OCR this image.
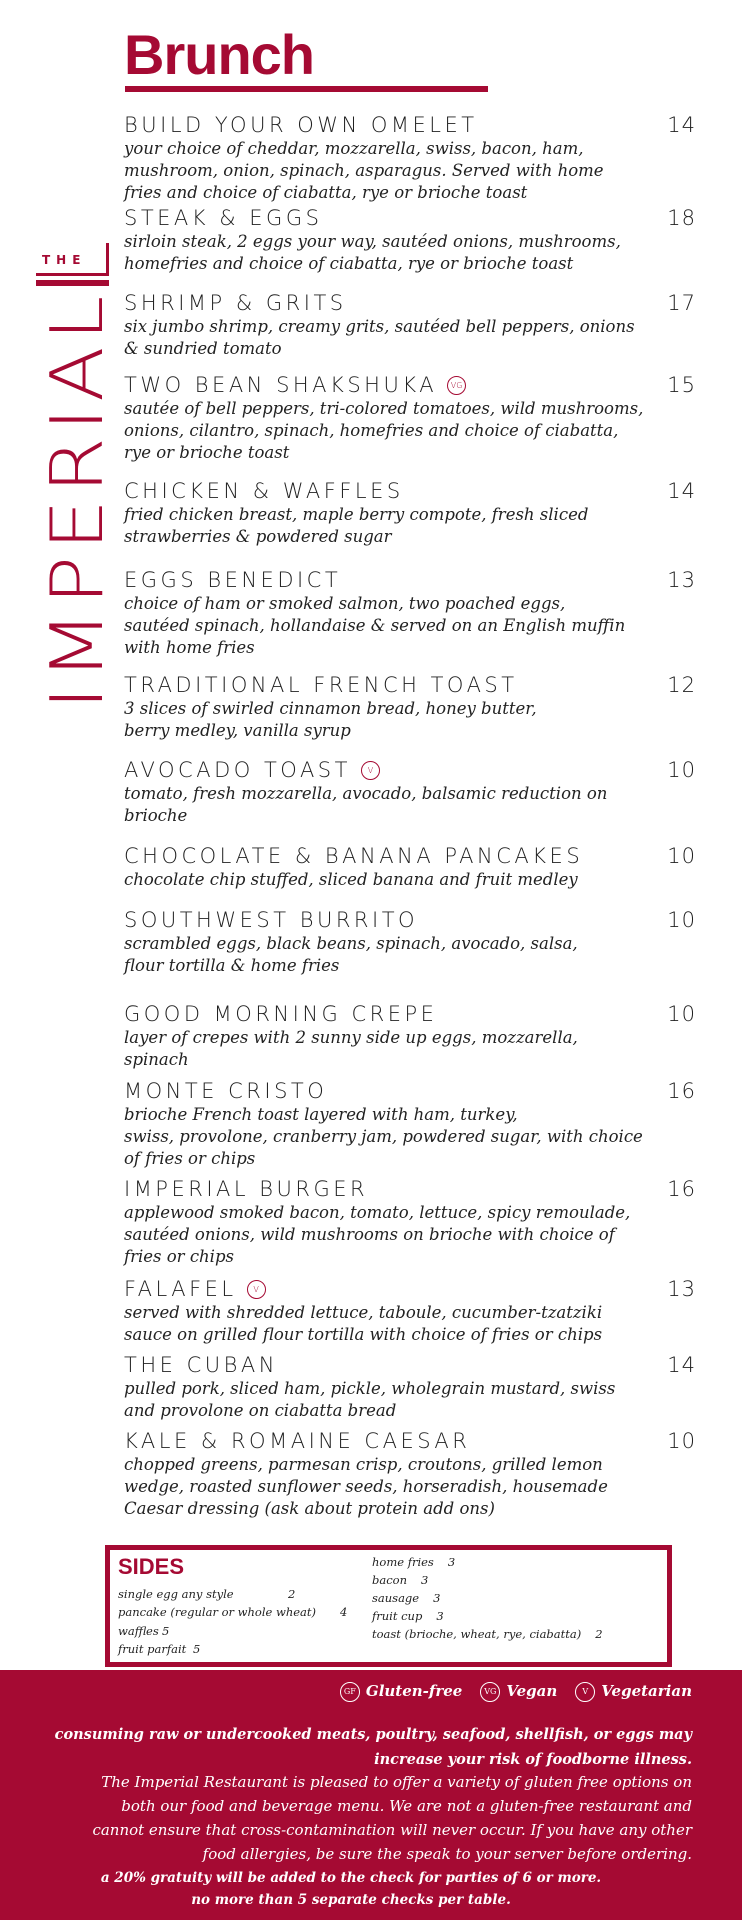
THE
IMPERIAL
Brunch
BUILD YOUR OWN OMELET	14
your choice of cheddar, mozzarella, swiss, bacon, ham,
mushroom, onion, spinach, asparagus. Served with home
fries and choice of ciabatta, rye or brioche toast
STEAK & EGGS	18
sirloin steak, 2 eggs your way, sautéed onions, mushrooms,
homefries and choice of ciabatta, rye or brioche toast
SHRIMP & GRITS	17
six jumbo shrimp, creamy grits, sautéed bell peppers, onions
& sundried tomato
TWO BEAN SHAKSHUKA	VG	15
sautée of bell peppers, tri-colored tomatoes, wild mushrooms,
onions, cilantro, spinach, homefries and choice of ciabatta,
rye or brioche toast
CHICKEN & WAFFLES	14
fried chicken breast, maple berry compote, fresh sliced
strawberries & powdered sugar
EGGS BENEDICT	13
choice of ham or smoked salmon, two poached eggs,
sautéed spinach, hollandaise & served on an English muffin
with home fries
TRADITIONAL FRENCH TOAST	12
3 slices of swirled cinnamon bread, honey butter,
berry medley, vanilla syrup
AVOCADO TOAST	V	10
tomato, fresh mozzarella, avocado, balsamic reduction on
brioche
CHOCOLATE & BANANA PANCAKES	10
chocolate chip stuffed, sliced banana and fruit medley
SOUTHWEST BURRITO	10
scrambled eggs, black beans, spinach, avocado, salsa,
flour tortilla & home fries
GOOD MORNING CREPE	10
layer of crepes with 2 sunny side up eggs, mozzarella,
spinach
MONTE CRISTO	16
brioche French toast layered with ham, turkey,
swiss, provolone, cranberry jam, powdered sugar, with choice
of fries or chips
IMPERIAL BURGER	16
applewood smoked bacon, tomato, lettuce, spicy remoulade,
sautéed onions, wild mushrooms on brioche with choice of
fries or chips
FALAFEL	V	13
served with shredded lettuce, taboule, cucumber-tzatziki
sauce on grilled flour tortilla with choice of fries or chips
THE CUBAN	14
pulled pork, sliced ham, pickle, wholegrain mustard, swiss
and provolone on ciabatta bread
KALE & ROMAINE CAESAR	10
chopped greens, parmesan crisp, croutons, grilled lemon
wedge, roasted sunflower seeds, horseradish, housemade
Caesar dressing (ask about protein add ons)
SIDES
single egg any style	2
pancake (regular or whole wheat) 4
waffles 5
fruit parfait 5
home fries 3
bacon 3
sausage 3
fruit cup 3
toast (brioche, wheat, rye, ciabatta) 2
GF Gluten-free	VG Vegan	V Vegetarian
consuming raw or undercooked meats, poultry, seafood, shellfish, or eggs may
increase your risk of foodborne illness.
The Imperial Restaurant is pleased to offer a variety of gluten free options on
both our food and beverage menu. We are not a gluten-free restaurant and
cannot ensure that cross-contamination will never occur. If you have any other
food allergies, be sure the speak to your server before ordering.
a 20% gratuity will be added to the check for parties of 6 or more.
no more than 5 separate checks per table.
